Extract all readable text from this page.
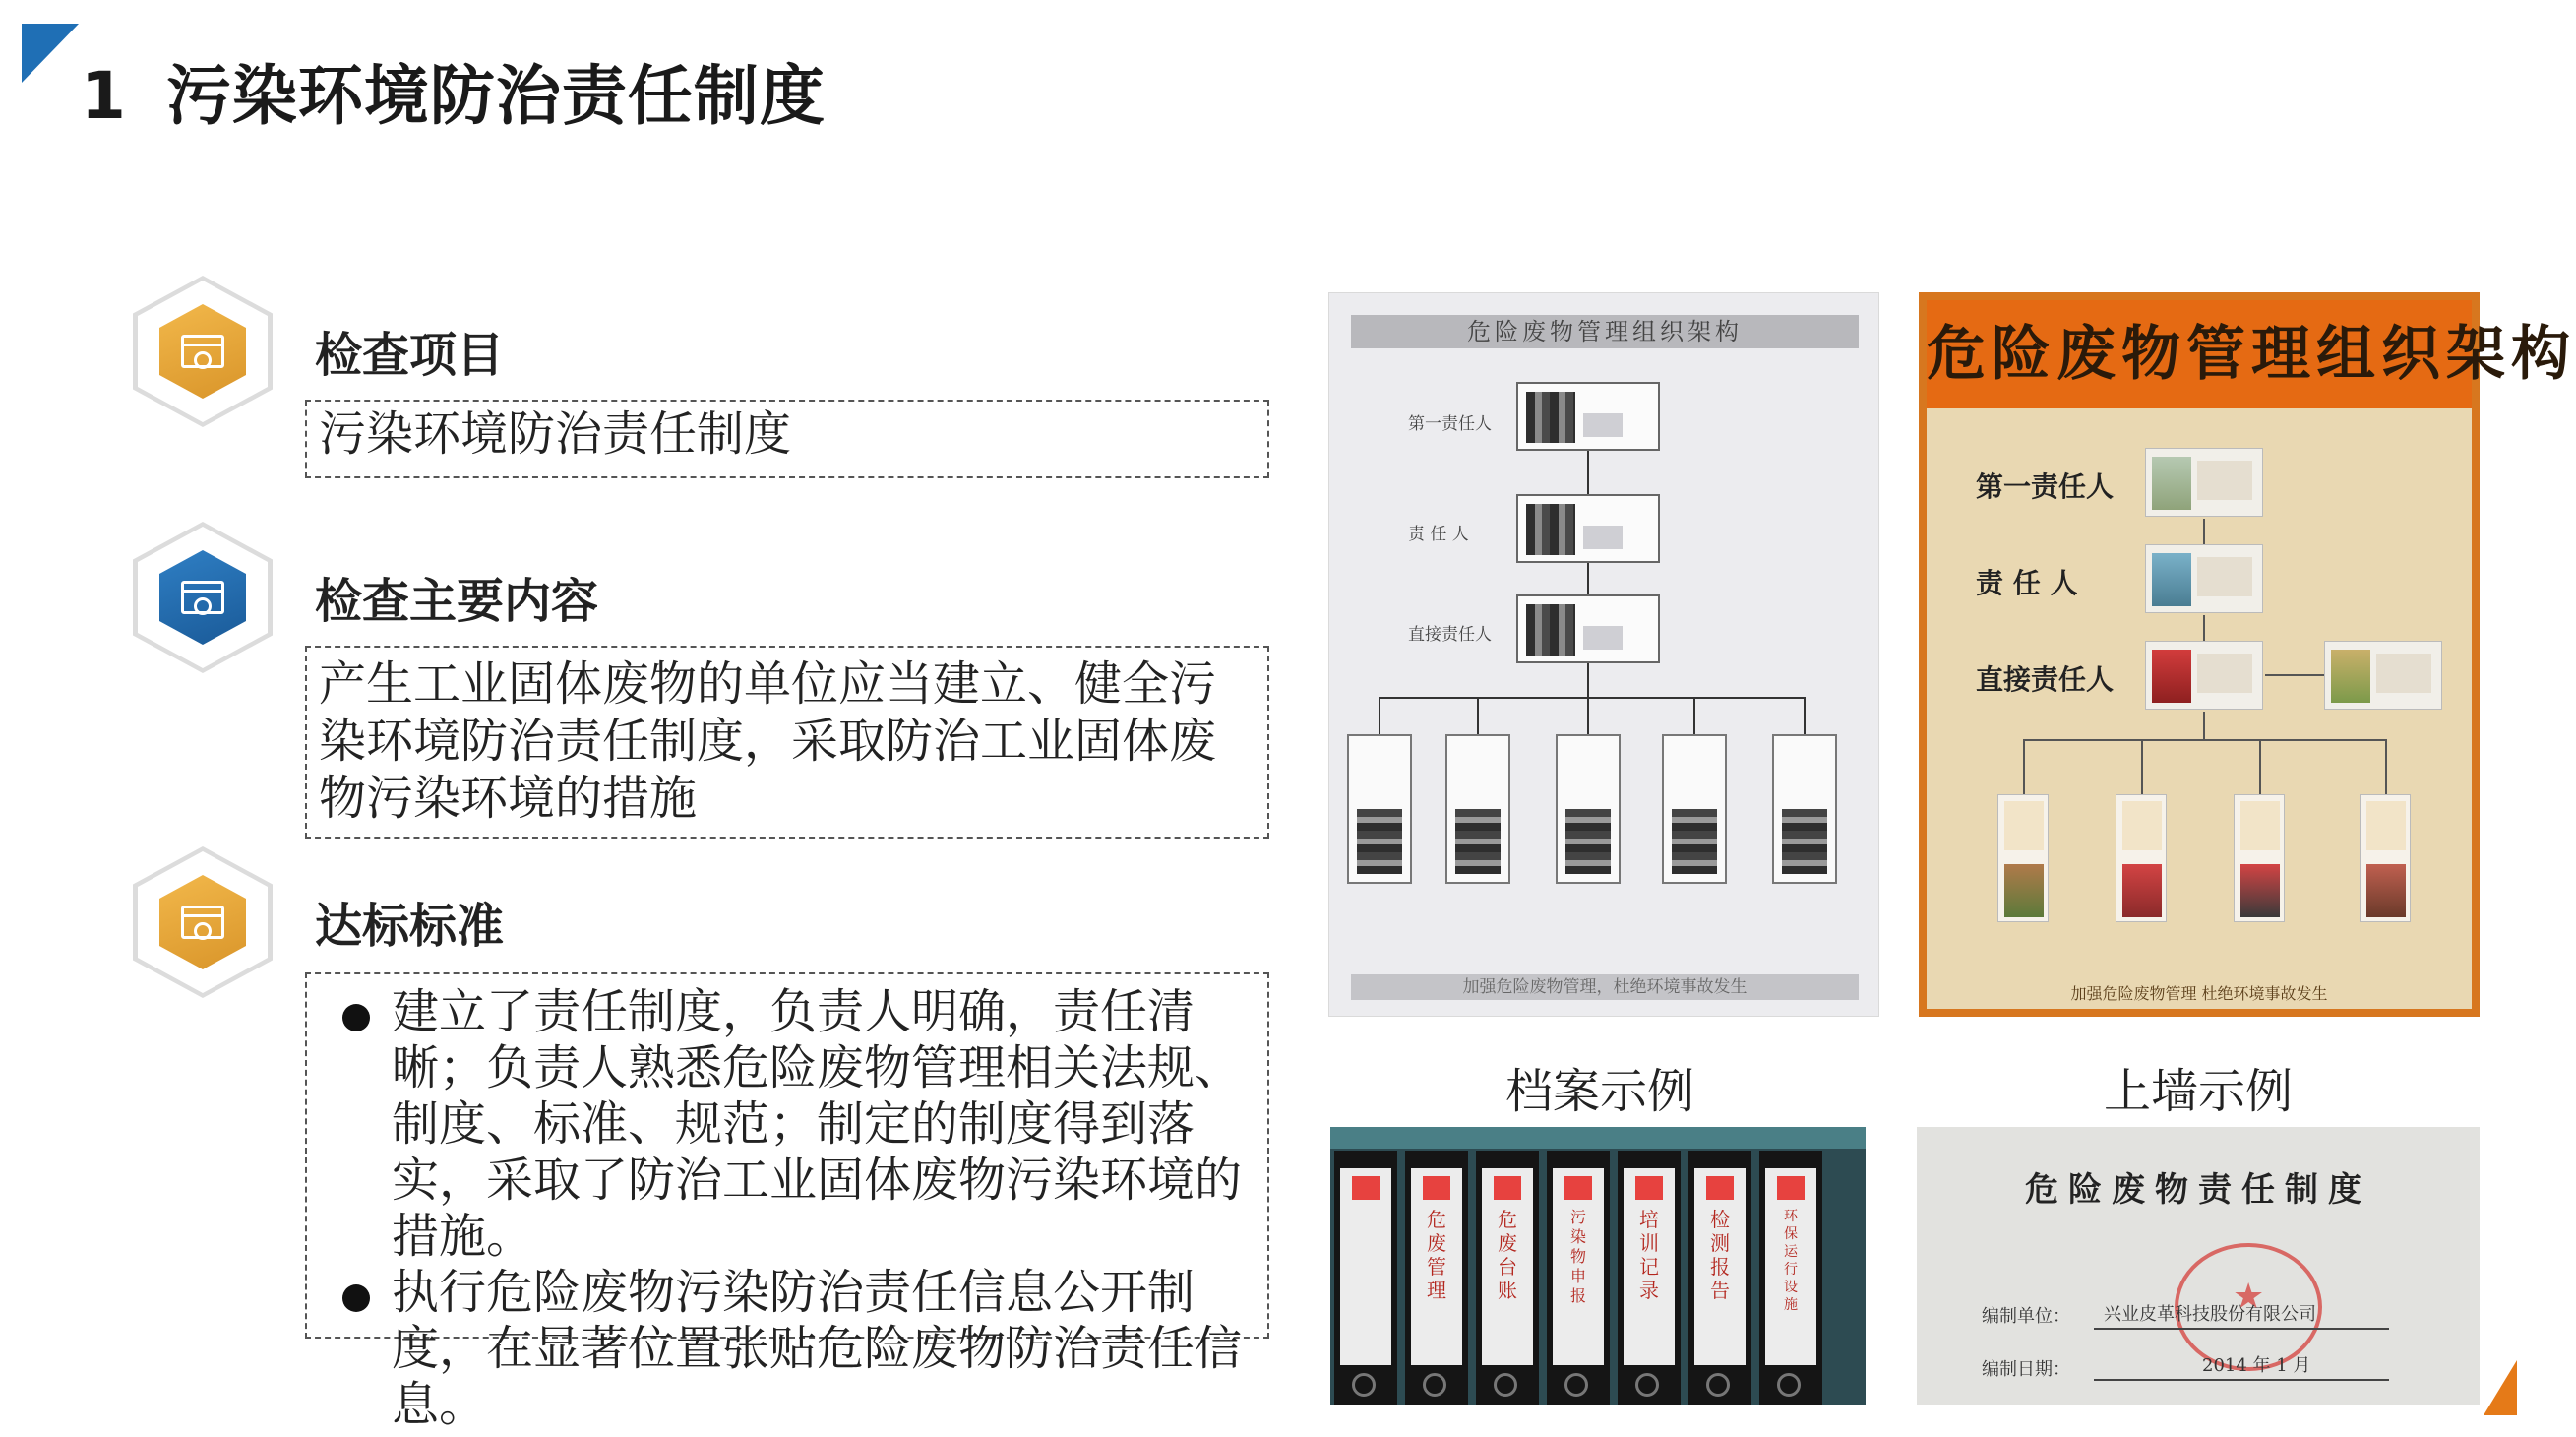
1 污染环境防治责任制度
检查项目
污染环境防治责任制度
检查主要内容
产生工业固体废物的单位应当建立、健全污染环境防治责任制度，采取防治工业固体废物污染环境的措施
达标标准
建立了责任制度，负责人明确，责任清晰；负责人熟悉危险废物管理相关法规、制度、标准、规范；制定的制度得到落实，采取了防治工业固体废物污染环境的措施。
执行危险废物污染防治责任信息公开制度，在显著位置张贴危险废物防治责任信息。
危险废物管理组织架构
第一责任人
责 任 人
直接责任人
加强危险废物管理，杜绝环境事故发生
危险废物管理组织架构
第一责任人
责 任 人
直接责任人
加强危险废物管理 杜绝环境事故发生
档案示例	上墙示例
危废管理
危废台账
污染物申报
培训记录
检测报告
环保运行设施
危险废物责任制度
★
编制单位： 兴业皮革科技股份有限公司
编制日期：	2014 年 1 月
